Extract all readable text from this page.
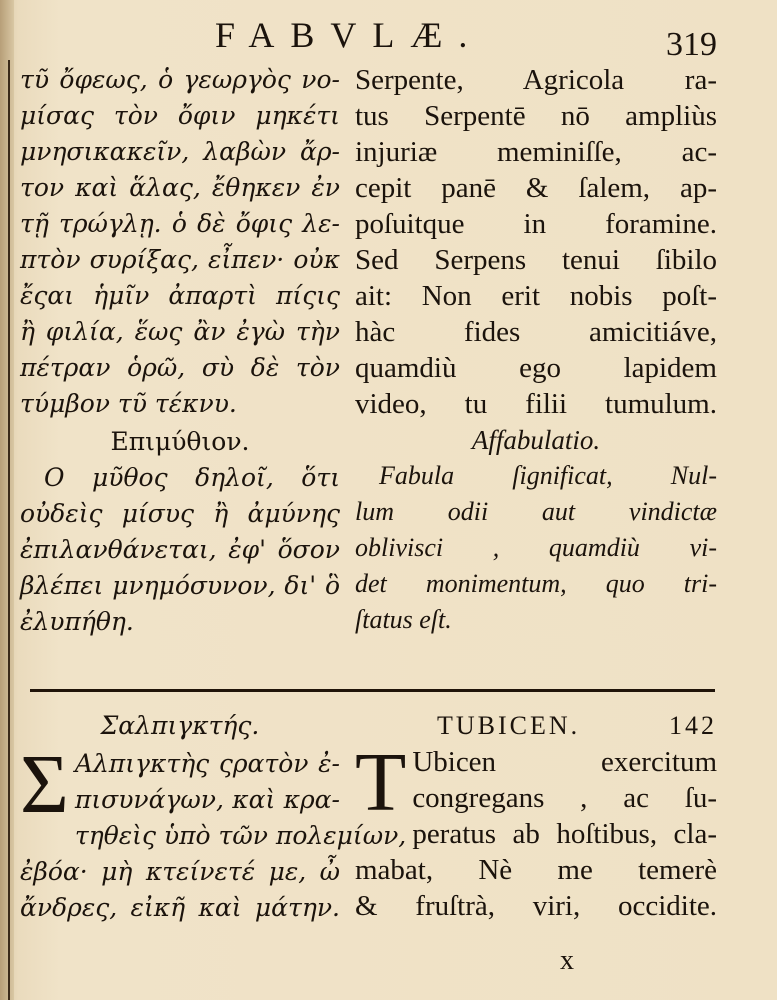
FABVLÆ.	319
τῦ ὄφεως, ὁ γεωργὸς νο-
μίσας τὸν ὄφιν μηκέτι
μνησικακεῖν, λαβὼν ἄρ-
τον καὶ ἅλας, ἔθηκεν ἐν
τῇ τρώγλῃ. ὁ δὲ ὄφις λε-
πτὸν συρίξας, εἶπεν· οὐκ
ἔςαι ἡμῖν ἀπαρτὶ πίςις
ἢ φιλία, ἕως ἂν ἐγὼ τὴν
πέτραν ὁρῶ, σὺ δὲ τὸν
τύμβον τῦ τέκνυ.
Επιμύθιον.
Ο μῦθος δηλοῖ, ὅτι
οὐδεὶς μίσυς ἢ ἀμύνης
ἐπιλανθάνεται, ἐφ' ὅσον
βλέπει μνημόσυνον, δι' ὃ
ἐλυπήθη.
Serpente, Agricola ra-
tus Serpentē nō ampliùs
injuriæ meminiſſe, ac-
cepit panē & ſalem, ap-
poſuitque in foramine.
Sed Serpens tenui ſibilo
ait: Non erit nobis poſt-
hàc fides amicitiáve,
quamdiù ego lapidem
video, tu filii tumulum.
Affabulatio.
Fabula ſignificat, Nul-
lum odii aut vindictæ
oblivisci , quamdiù vi-
det monimentum, quo tri-
ſtatus eſt.
Σαλπιγκτής.
Σ Αλπιγκτὴς ςρατὸν ἐ-
πισυνάγων, καὶ κρα-
τηθεὶς ὑπὸ τῶν πολεμίων,
ἐβόα· μὴ κτείνετέ με, ὦ
ἄνδρες, εἰκῆ καὶ μάτην.
TUBICEN.	142
T Ubicen exercitum
congregans , ac ſu-
peratus ab hoſtibus, cla-
mabat, Nè me temerè
& fruſtrà, viri, occidite.
x
